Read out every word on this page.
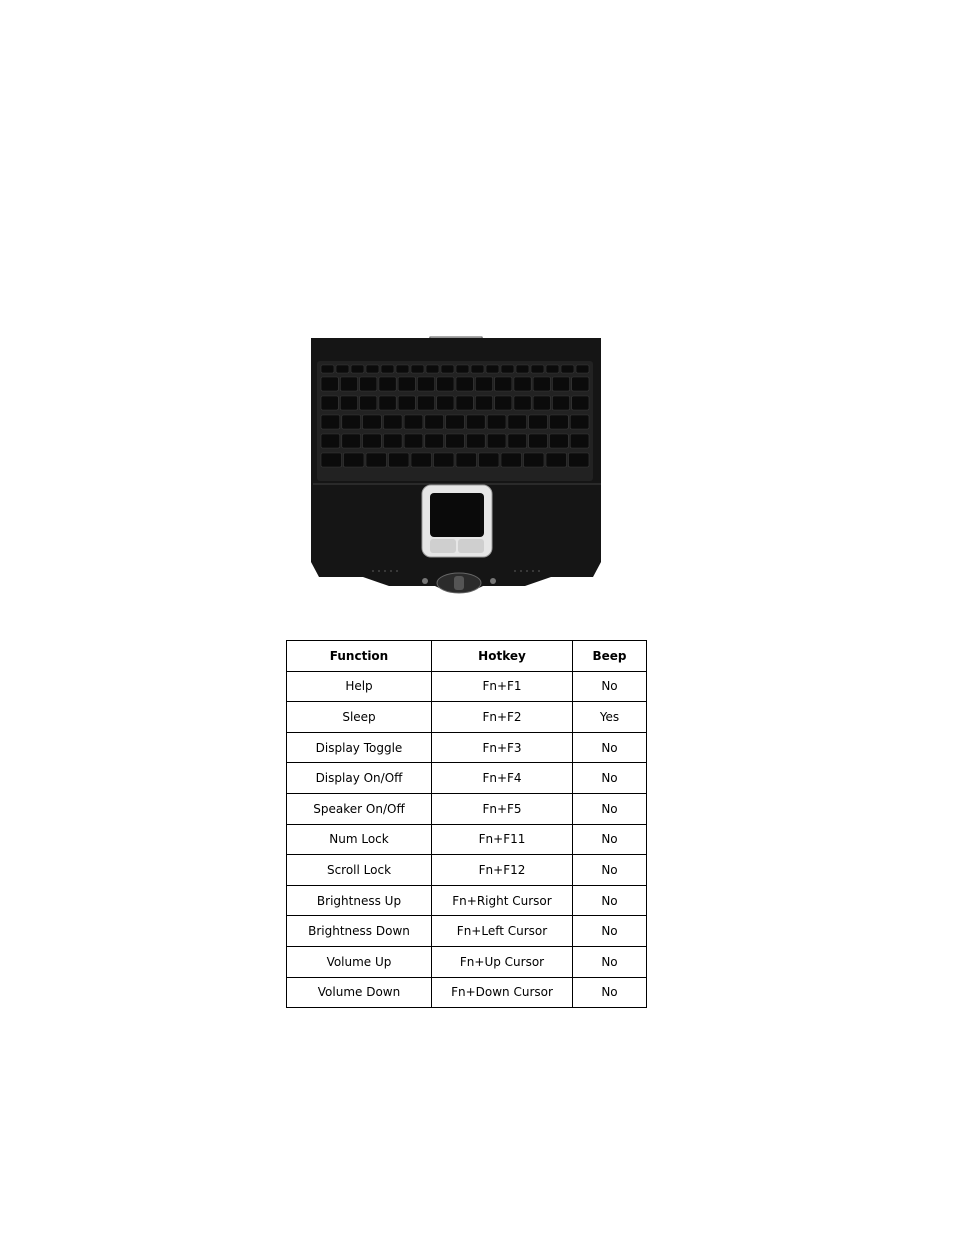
Function	Hotkey	Beep
Help	Fn+F1	No
Sleep	Fn+F2	Yes
Display Toggle	Fn+F3	No
Display On/Off	Fn+F4	No
Speaker On/Off	Fn+F5	No
Num Lock	Fn+F11	No
Scroll Lock	Fn+F12	No
Brightness Up	Fn+Right Cursor	No
Brightness Down	Fn+Left Cursor	No
Volume Up	Fn+Up Cursor	No
Volume Down	Fn+Down Cursor	No
